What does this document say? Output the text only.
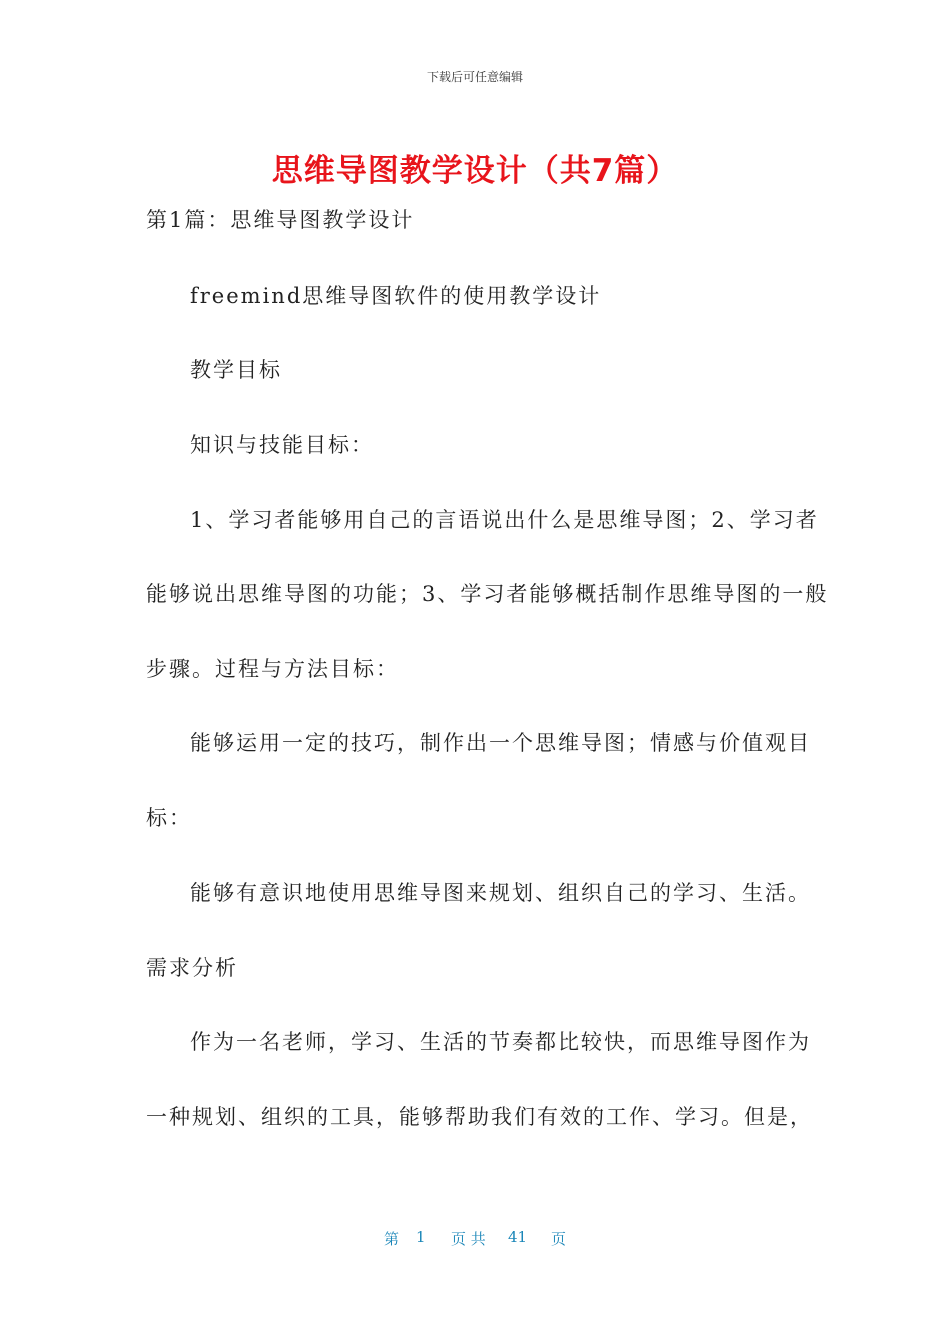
下载后可任意编辑
思维导图教学设计（共7篇）
第1篇：思维导图教学设计
freemind思维导图软件的使用教学设计
教学目标
知识与技能目标：
1、学习者能够用自己的言语说出什么是思维导图；2、学习者
能够说出思维导图的功能；3、学习者能够概括制作思维导图的一般
步骤。过程与方法目标：
能够运用一定的技巧，制作出一个思维导图；情感与价值观目
标：
能够有意识地使用思维导图来规划、组织自己的学习、生活。
需求分析
作为一名老师，学习、生活的节奏都比较快，而思维导图作为
一种规划、组织的工具，能够帮助我们有效的工作、学习。但是，
第 1 页 共 41 页
